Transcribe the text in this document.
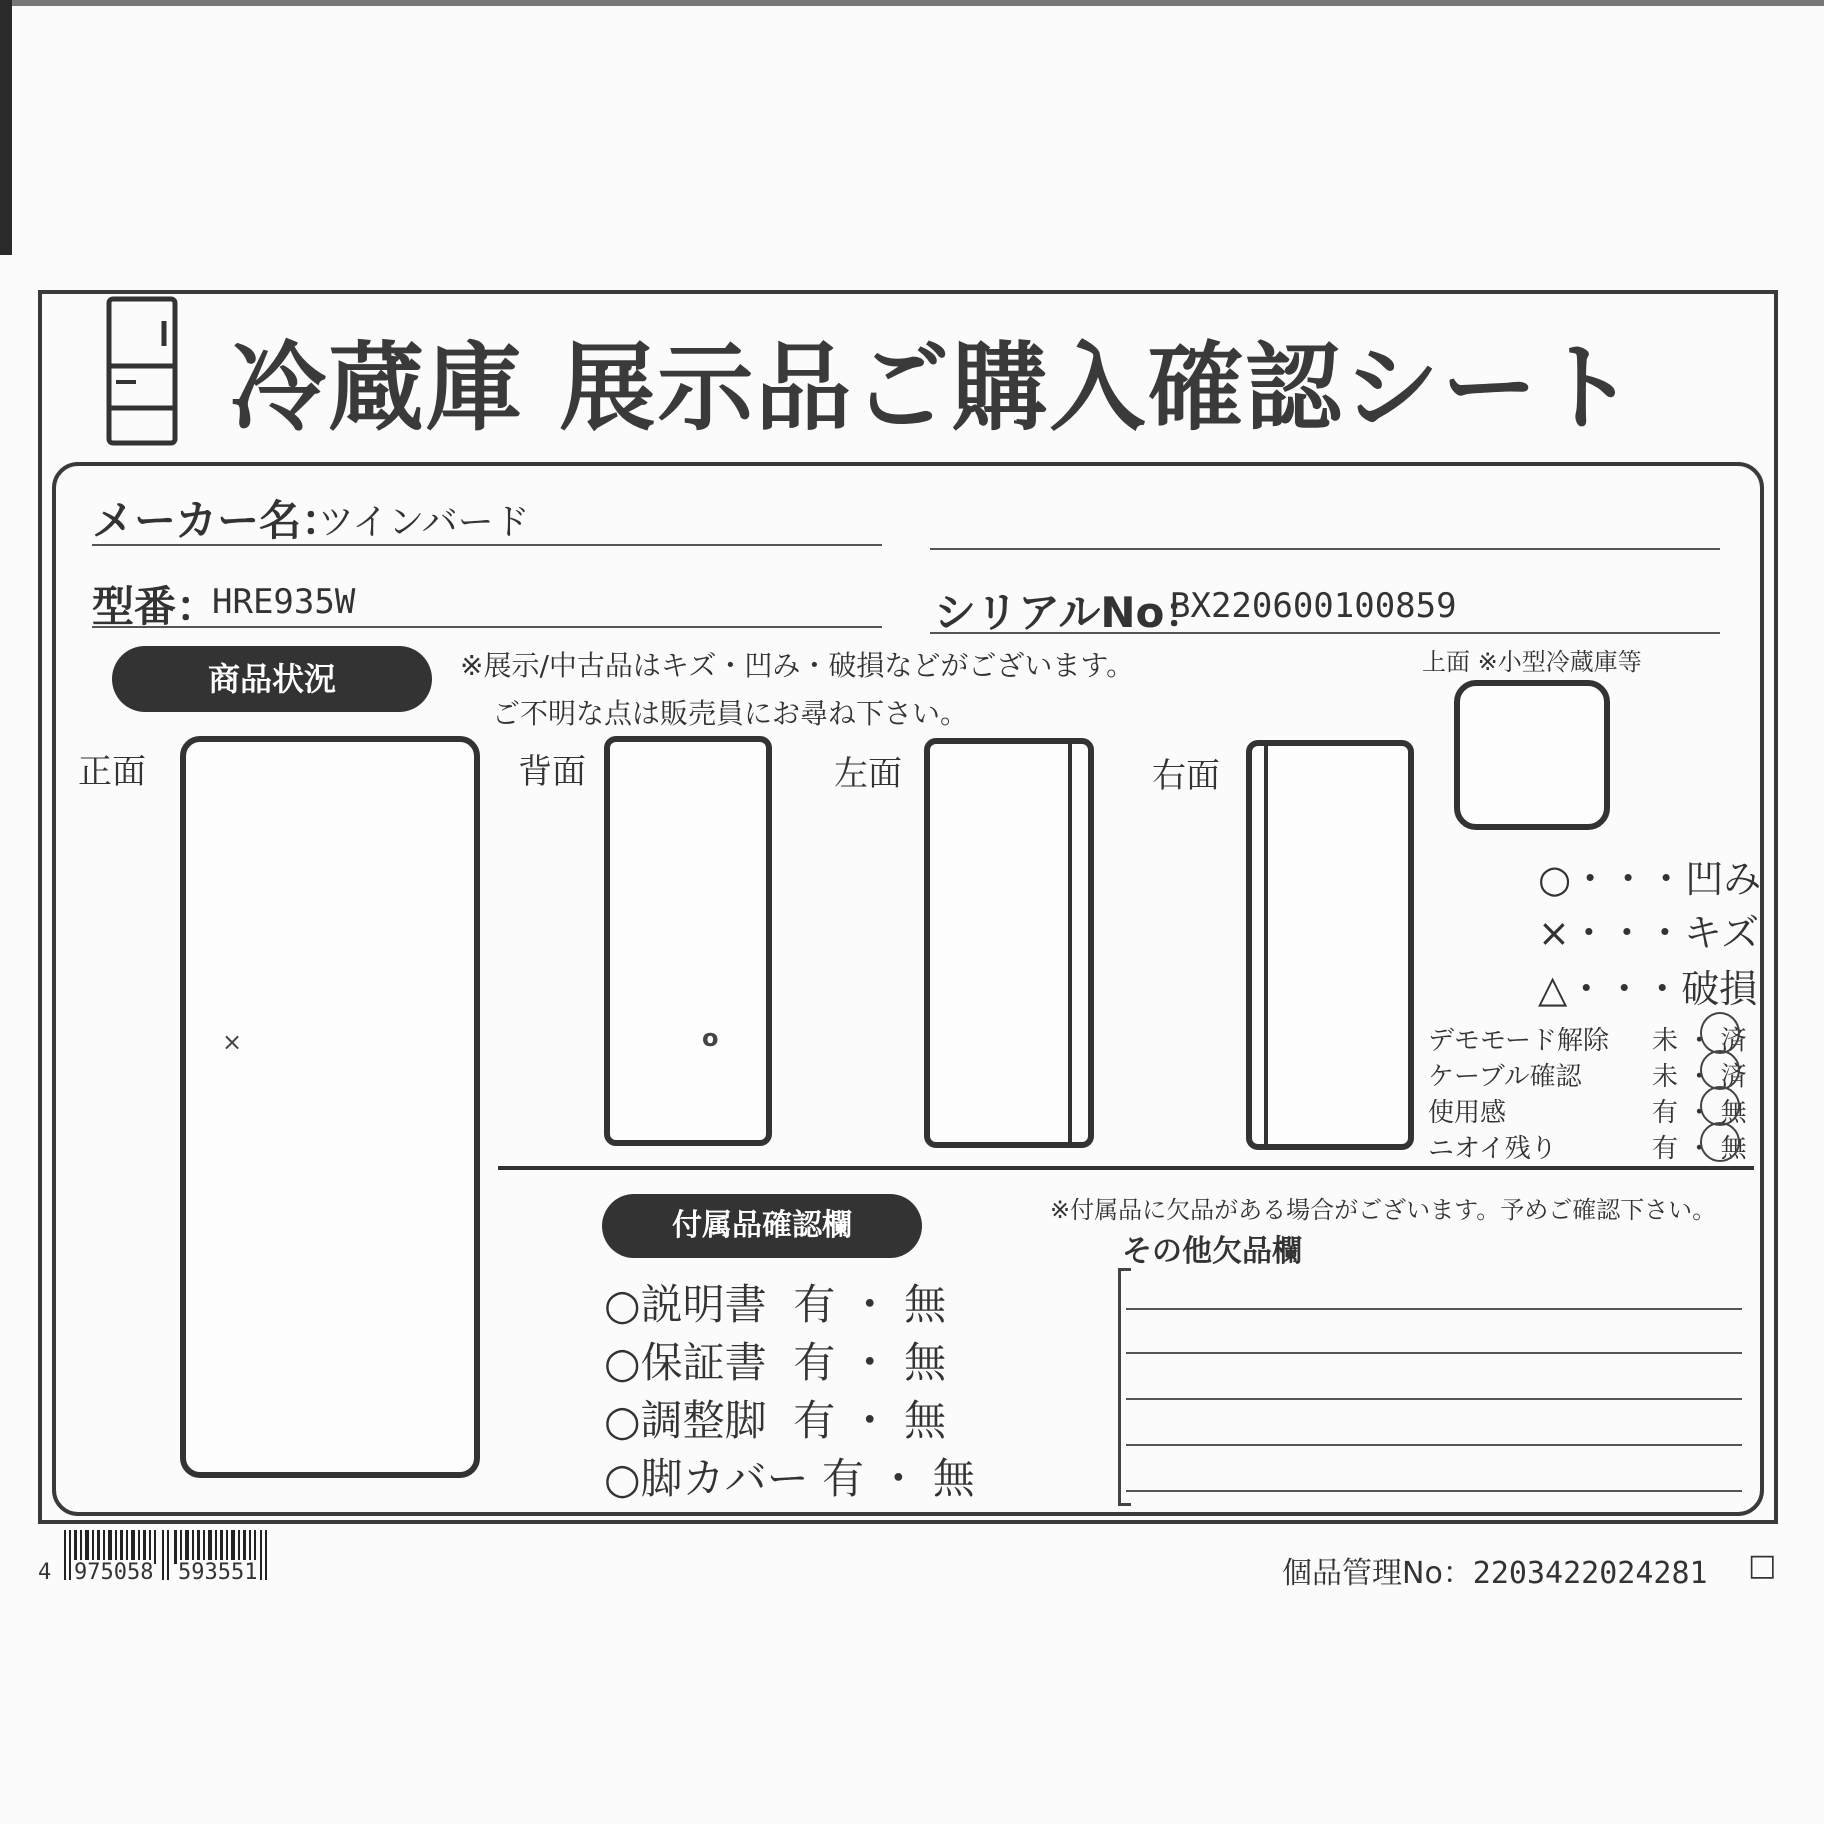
冷蔵庫 展示品ご購入確認シート
メーカー名：
ツインバード
型番：
HRE935W	シリアルNo：
BX220600100859
商品状況	※展示/中古品はキズ・凹み・破損などがございます。
ご不明な点は販売員にお尋ね下さい。
上面 ※小型冷蔵庫等
正面	背面	左面	右面
×	o
○・・・凹み
×・・・キズ
△・・・破損
デモモード解除 未 ・ 済
ケーブル確認	未 ・ 済
使用感	有 ・ 無
ニオイ残り	有 ・ 無
付属品確認欄	※付属品に欠品がある場合がございます。予めご確認下さい。
その他欠品欄
○説明書 有 ・ 無
○保証書 有 ・ 無
○調整脚 有 ・ 無
○脚カバー 有 ・ 無
4 975058 593551	個品管理No：2203422024281 □
